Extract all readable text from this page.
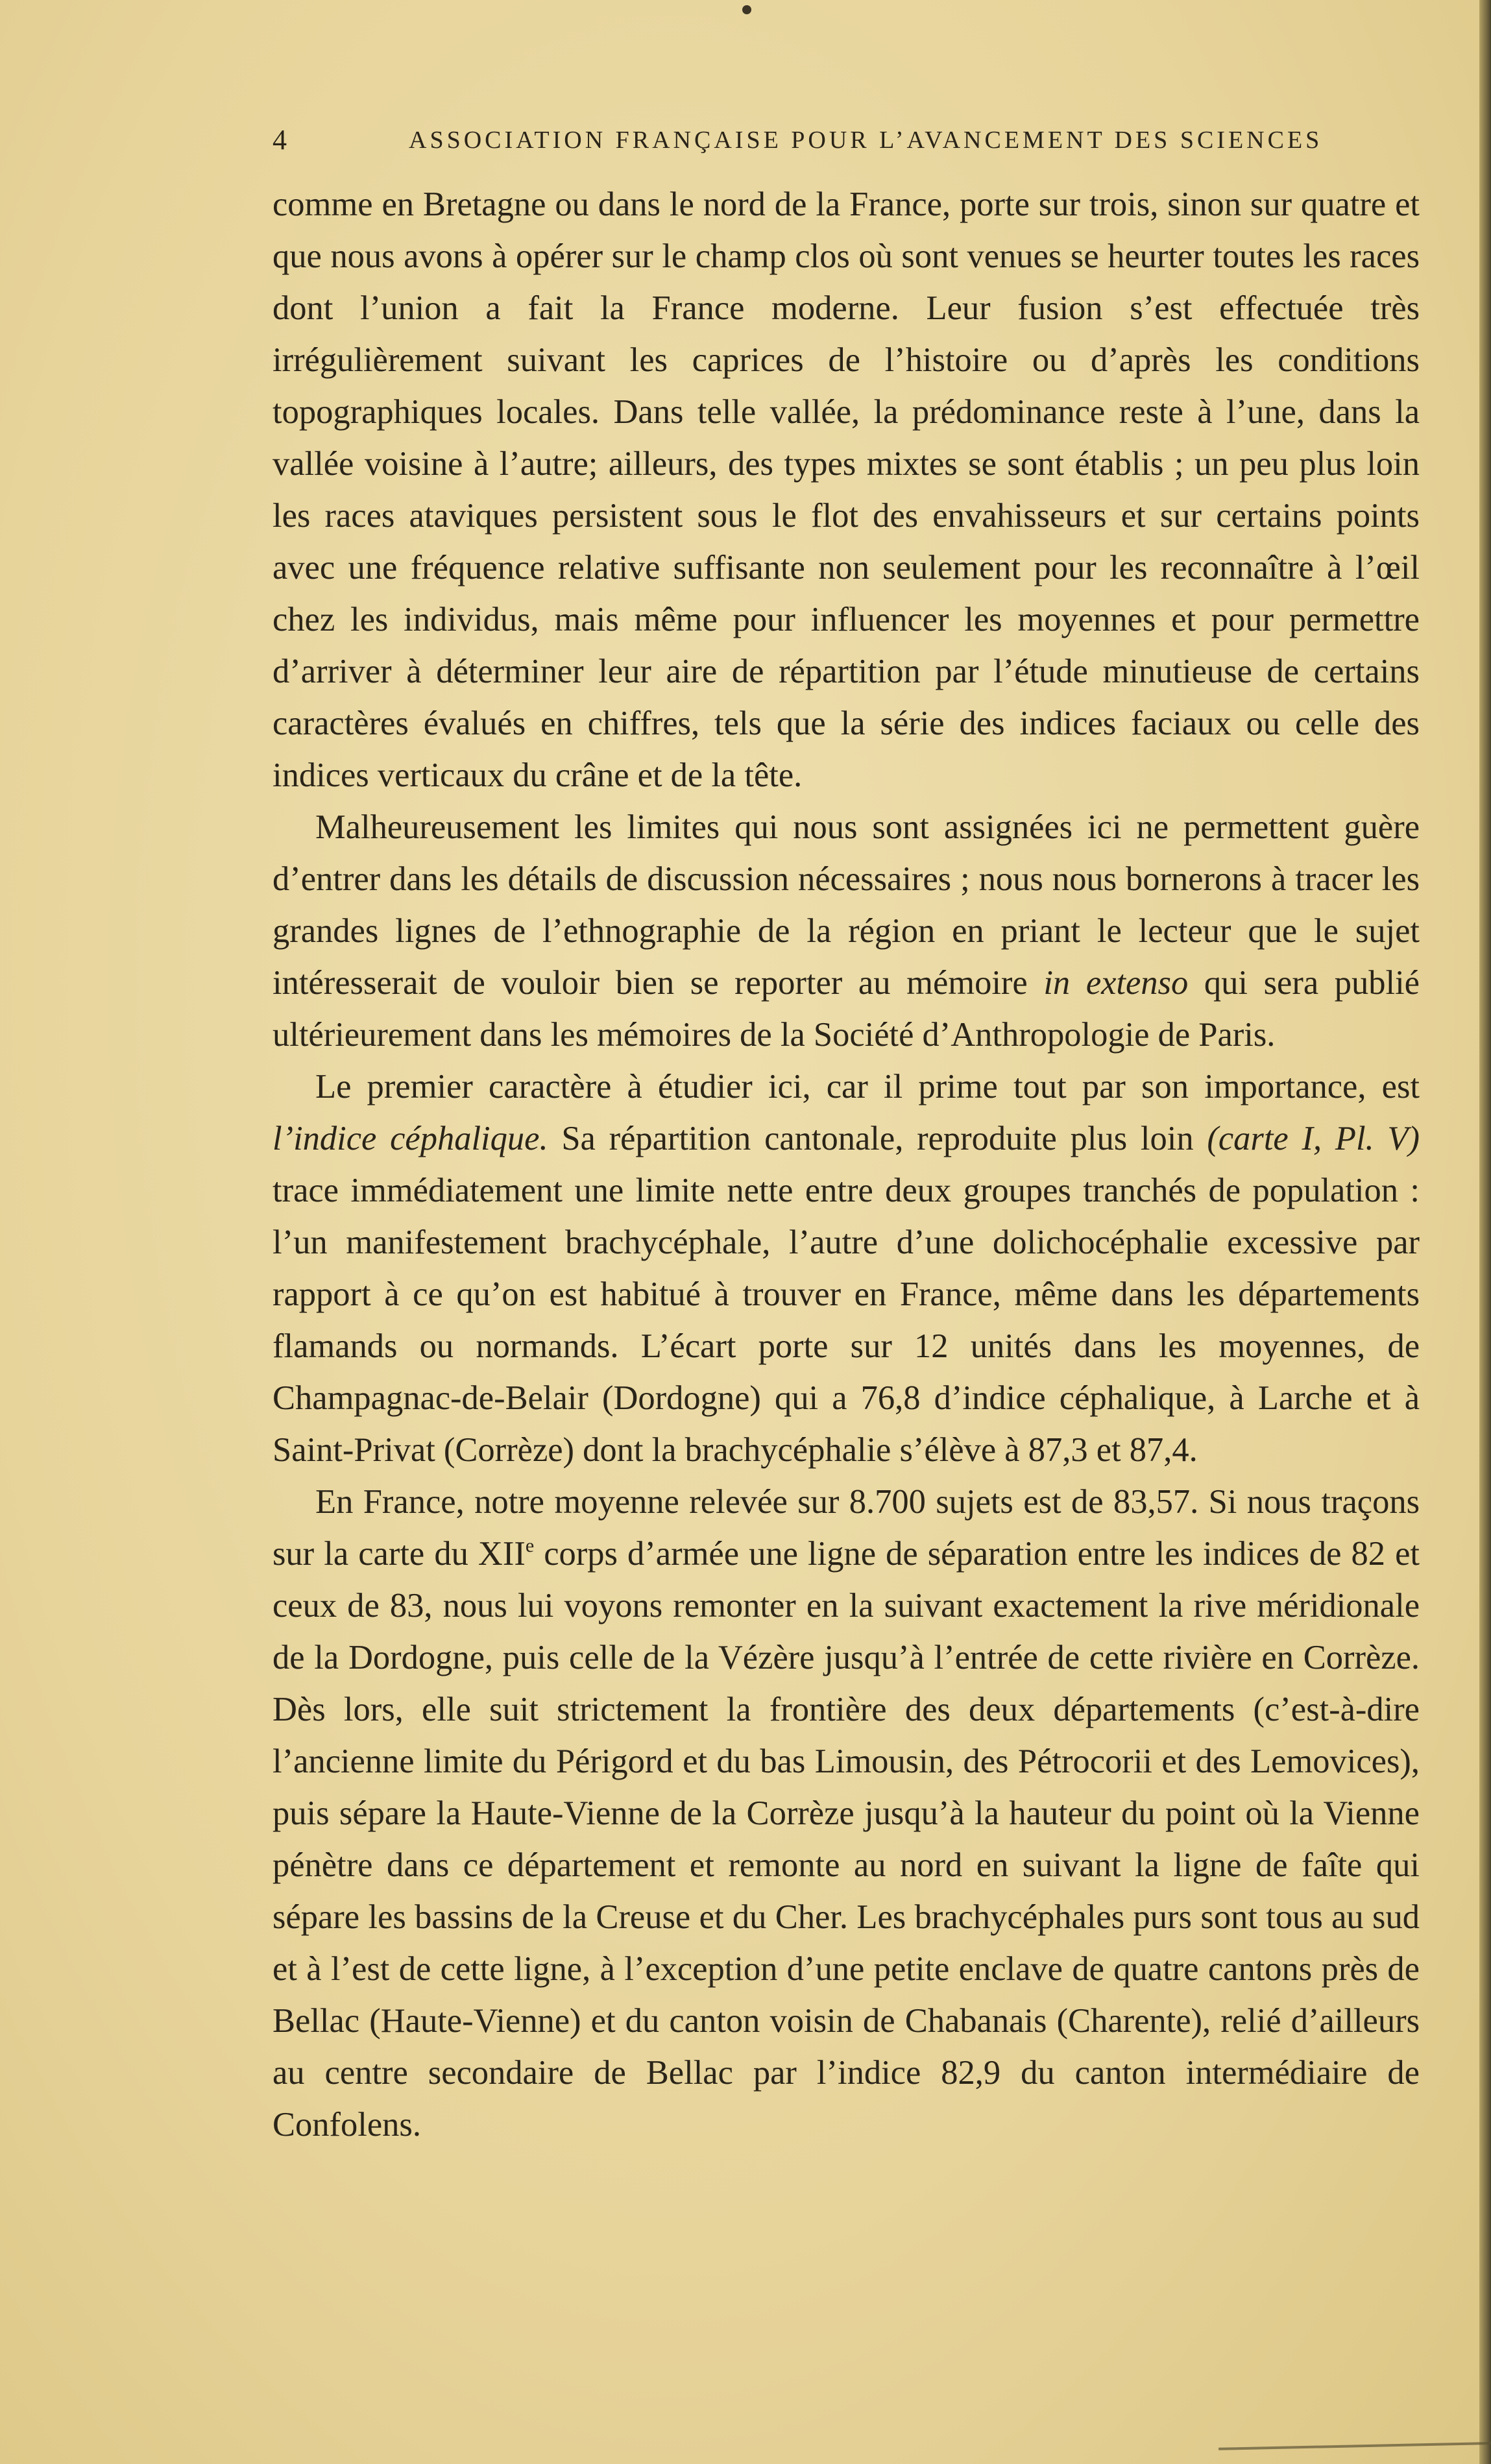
4	ASSOCIATION FRANÇAISE POUR L’AVANCEMENT DES SCIENCES

comme en Bretagne ou dans le nord de la France, porte sur trois, sinon sur quatre et que nous avons à opérer sur le champ clos où sont venues se heurter toutes les races dont l’union a fait la France moderne. Leur fusion s’est effectuée très irrégulièrement suivant les caprices de l’histoire ou d’après les conditions topographiques locales. Dans telle vallée, la prédominance reste à l’une, dans la vallée voisine à l’autre; ailleurs, des types mixtes se sont établis ; un peu plus loin les races ataviques persistent sous le flot des envahisseurs et sur certains points avec une fréquence relative suffisante non seulement pour les reconnaître à l’œil chez les individus, mais même pour influencer les moyennes et pour permettre d’arriver à déterminer leur aire de répartition par l’étude minutieuse de certains caractères évalués en chiffres, tels que la série des indices faciaux ou celle des indices verticaux du crâne et de la tête.

Malheureusement les limites qui nous sont assignées ici ne permettent guère d’entrer dans les détails de discussion nécessaires ; nous nous bornerons à tracer les grandes lignes de l’ethnographie de la région en priant le lecteur que le sujet intéresserait de vouloir bien se reporter au mémoire in extenso qui sera publié ultérieurement dans les mémoires de la Société d’Anthropologie de Paris.

Le premier caractère à étudier ici, car il prime tout par son importance, est l’indice céphalique. Sa répartition cantonale, reproduite plus loin (carte I, Pl. V) trace immédiatement une limite nette entre deux groupes tranchés de population : l’un manifestement brachycéphale, l’autre d’une dolichocéphalie excessive par rapport à ce qu’on est habitué à trouver en France, même dans les départements flamands ou normands. L’écart porte sur 12 unités dans les moyennes, de Champagnac-de-Belair (Dordogne) qui a 76,8 d’indice céphalique, à Larche et à Saint-Privat (Corrèze) dont la brachycéphalie s’élève à 87,3 et 87,4.

En France, notre moyenne relevée sur 8.700 sujets est de 83,57. Si nous traçons sur la carte du XIIe corps d’armée une ligne de séparation entre les indices de 82 et ceux de 83, nous lui voyons remonter en la suivant exactement la rive méridionale de la Dordogne, puis celle de la Vézère jusqu’à l’entrée de cette rivière en Corrèze. Dès lors, elle suit strictement la frontière des deux départements (c’est-à-dire l’ancienne limite du Périgord et du bas Limousin, des Pétrocorii et des Lemovices), puis sépare la Haute-Vienne de la Corrèze jusqu’à la hauteur du point où la Vienne pénètre dans ce département et remonte au nord en suivant la ligne de faîte qui sépare les bassins de la Creuse et du Cher. Les brachycéphales purs sont tous au sud et à l’est de cette ligne, à l’exception d’une petite enclave de quatre cantons près de Bellac (Haute-Vienne) et du canton voisin de Chabanais (Charente), relié d’ailleurs au centre secondaire de Bellac par l’indice 82,9 du canton intermédiaire de Confolens.
